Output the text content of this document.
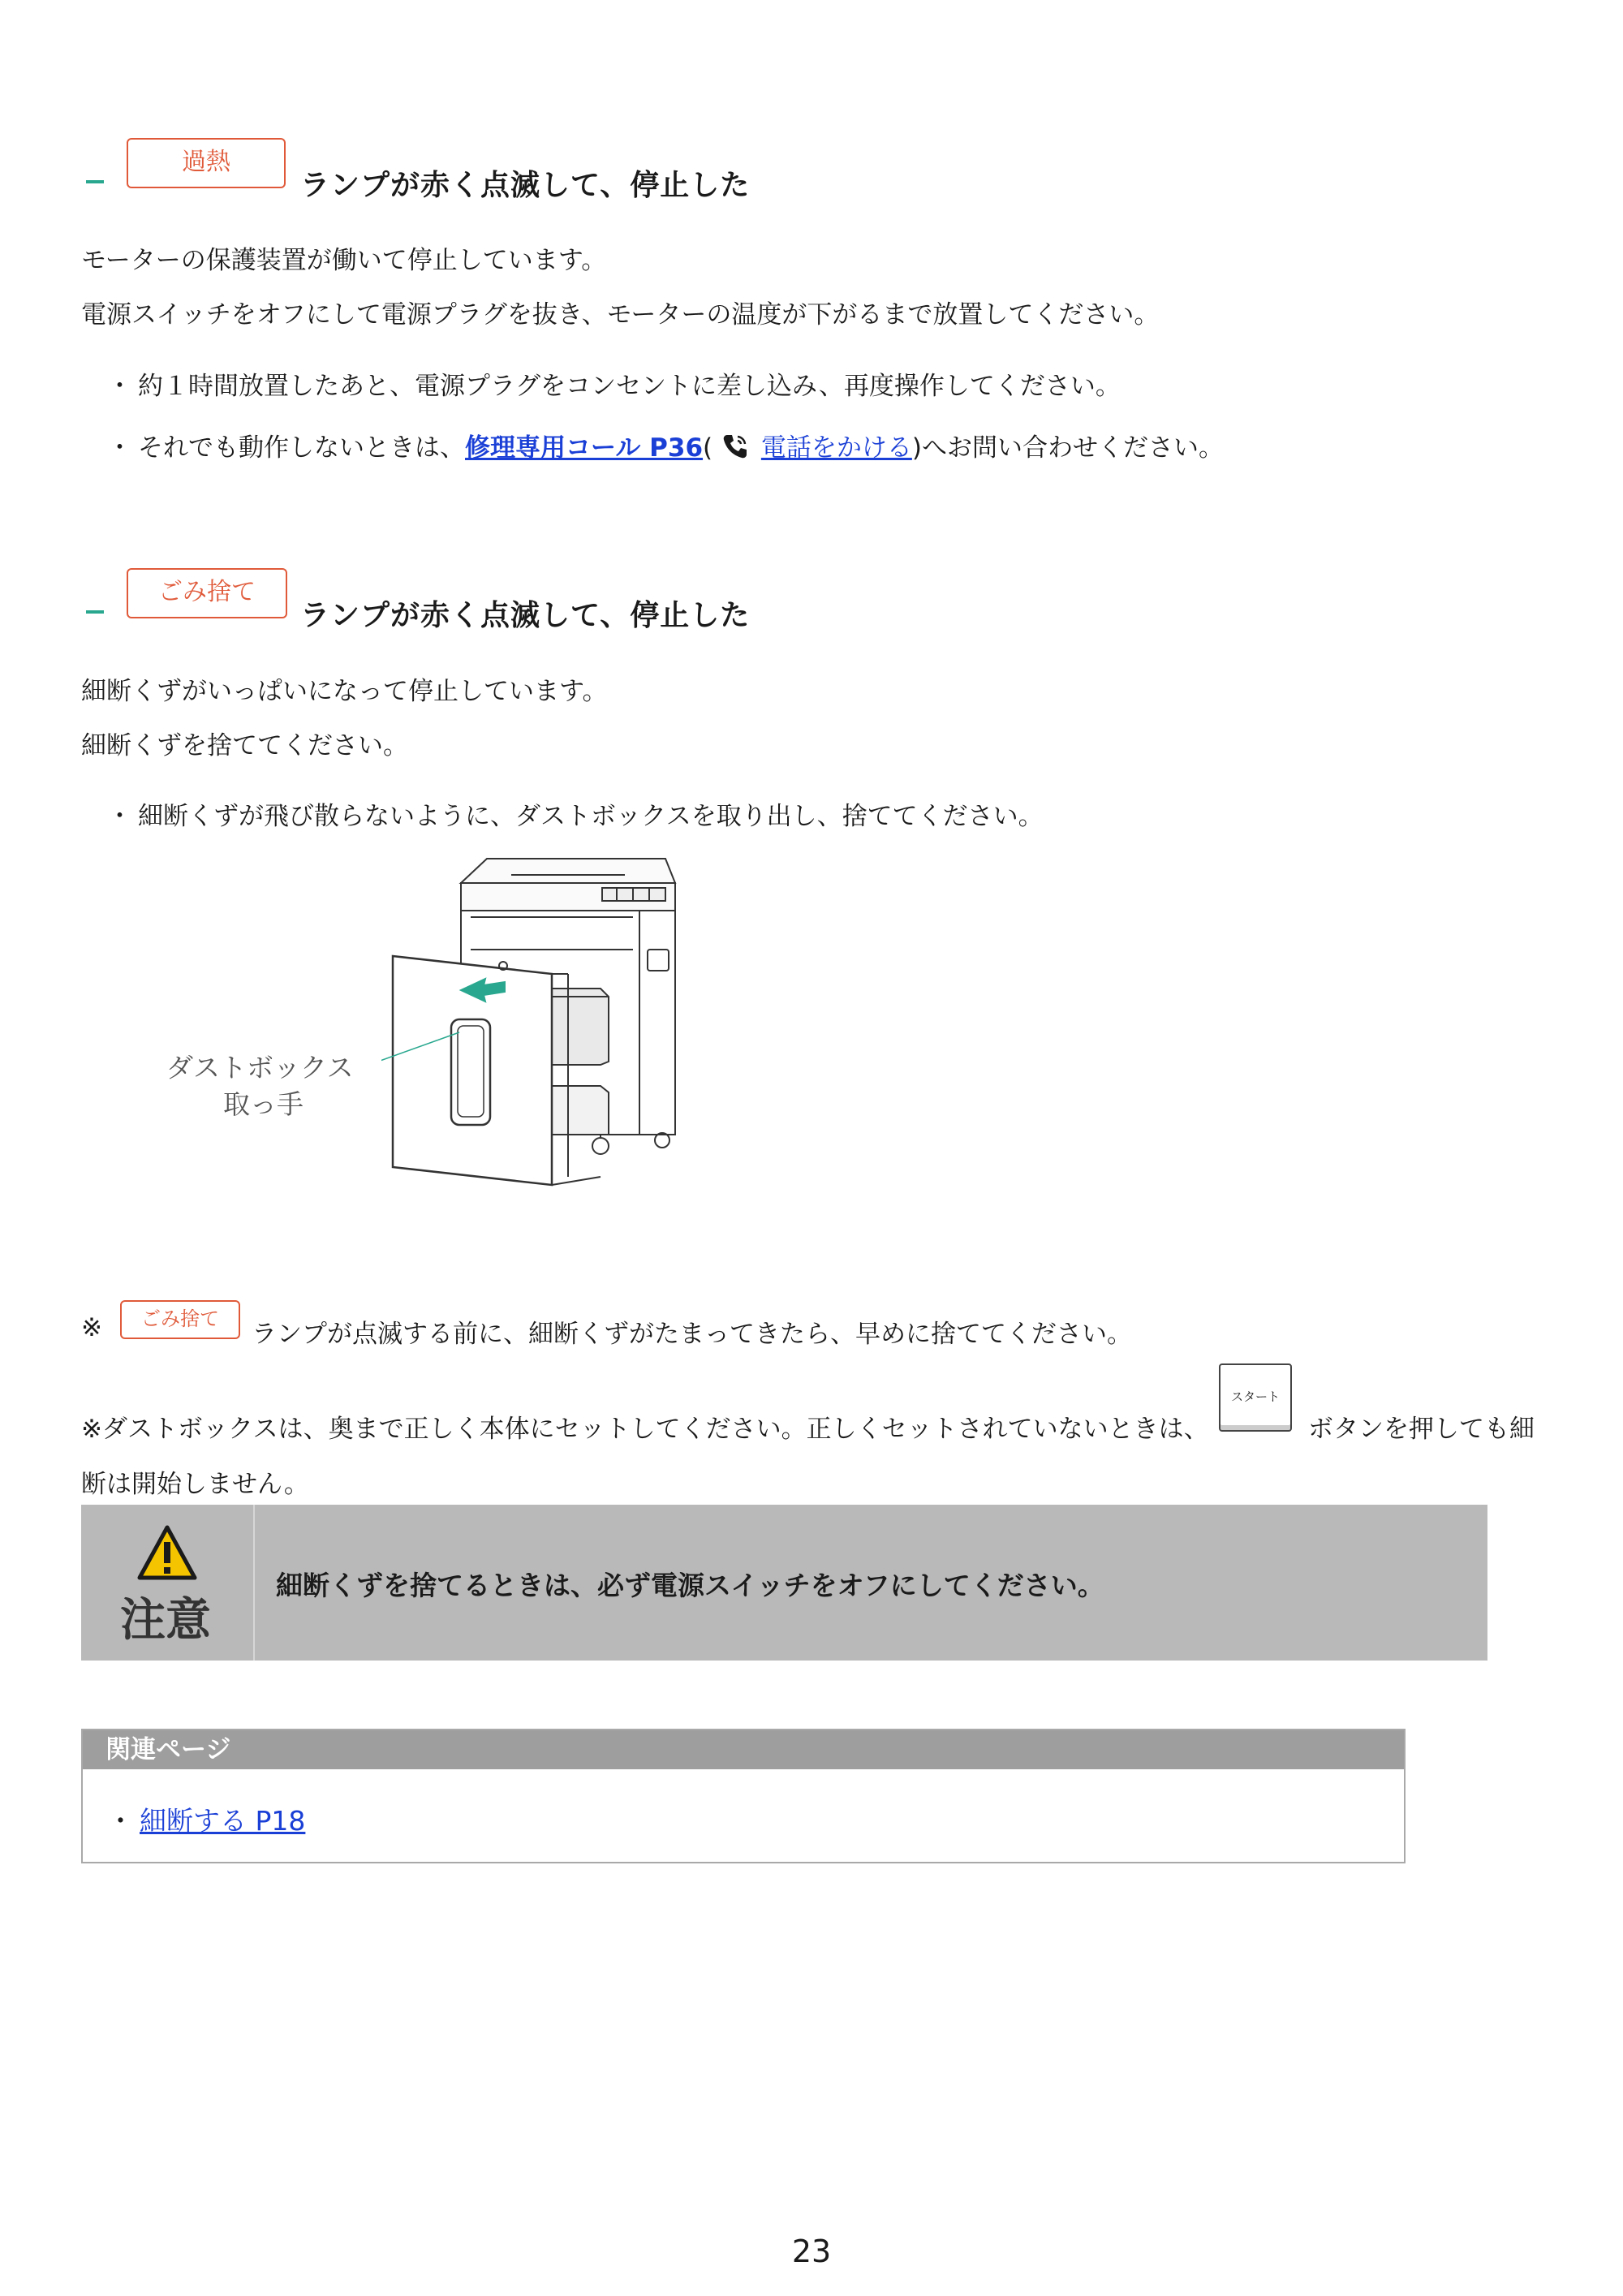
過熱
ランプが赤く点滅して、停止した
モーターの保護装置が働いて停止しています。
電源スイッチをオフにして電源プラグを抜き、モーターの温度が下がるまで放置してください。
・ 約１時間放置したあと、電源プラグをコンセントに差し込み、再度操作してください。
・ それでも動作しないときは、修理専用コール P36( 電話をかける)へお問い合わせください。
ごみ捨て
ランプが赤く点滅して、停止した
細断くずがいっぱいになって停止しています。
細断くずを捨ててください。
・ 細断くずが飛び散らないように、ダストボックスを取り出し、捨ててください。
ダストボックス
取っ手
※	ごみ捨て
ランプが点滅する前に、細断くずがたまってきたら、早めに捨ててください。
※ダストボックスは、奥まで正しく本体にセットしてください。正しくセットされていないときは、
スタート
ボタンを押しても細
断は開始しません。
注意
細断くずを捨てるときは、必ず電源スイッチをオフにしてください。
関連ページ
・ 細断する P18
23
